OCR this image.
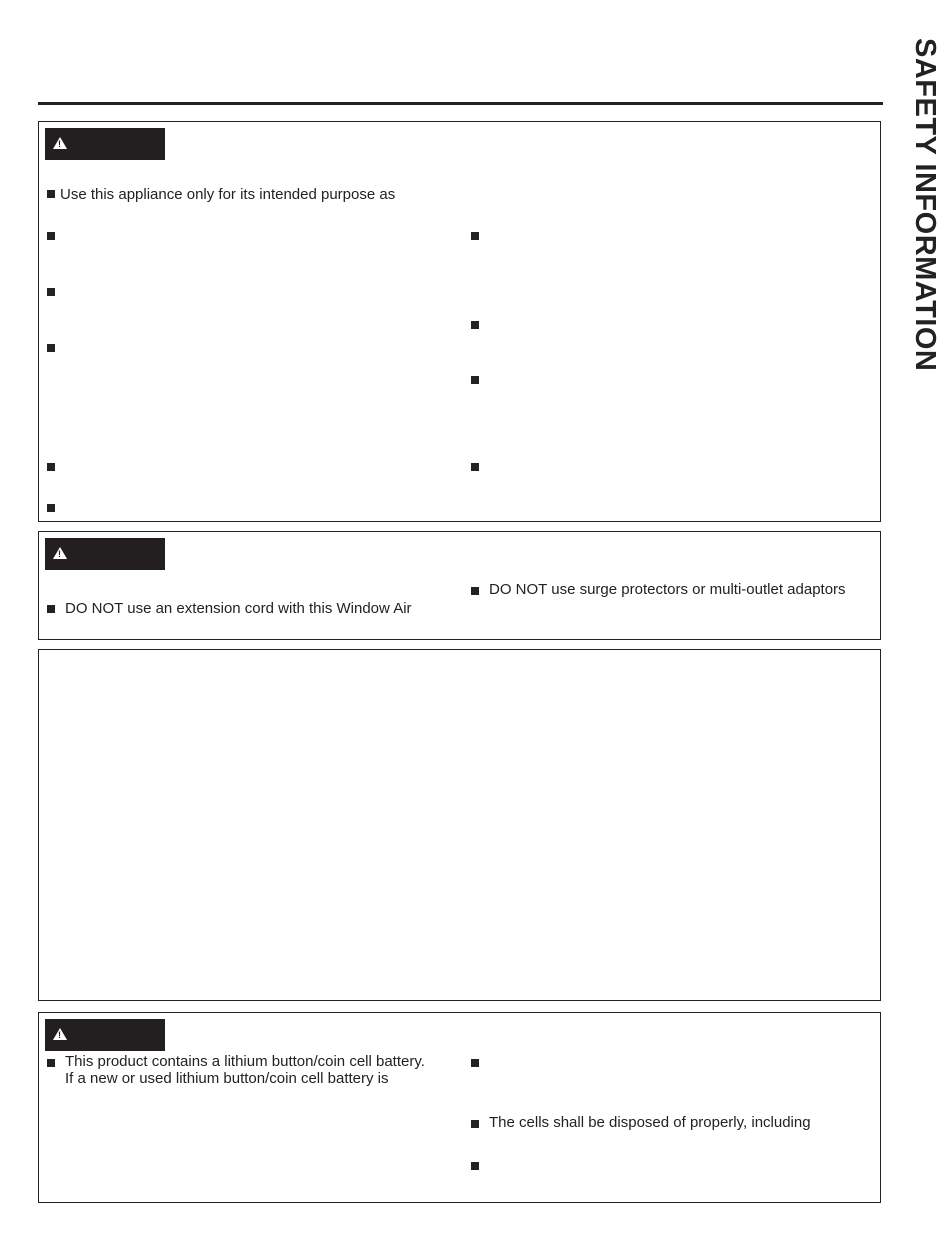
SAFETY INFORMATION
!
Use this appliance only for its intended purpose as
!
DO NOT use an extension cord with this Window Air
DO NOT use surge protectors or multi-outlet adaptors
!
This product contains a lithium button/coin cell battery.
If a new or used lithium button/coin cell battery is
The cells shall be disposed of properly, including
